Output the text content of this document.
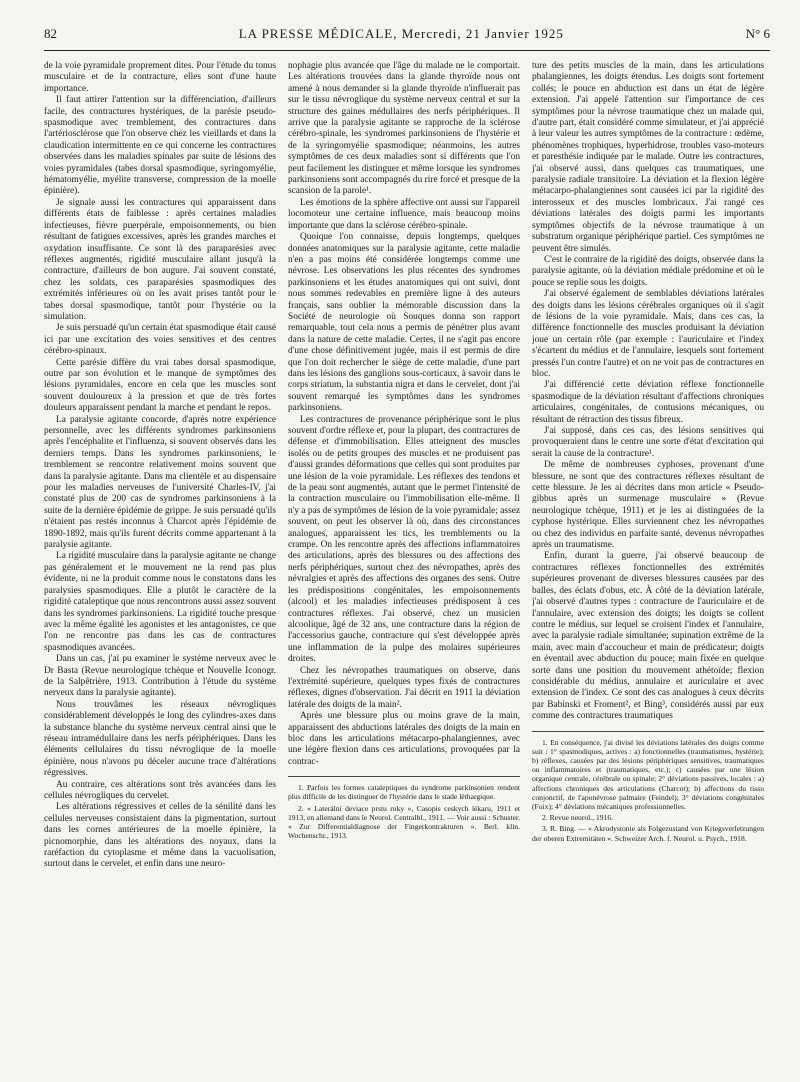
82	LA PRESSE MÉDICALE, Mercredi, 21 Janvier 1925	N° 6

de la voie pyramidale proprement dites. Pour l'étude du tonus musculaire et de la contracture, elles sont d'une haute importance.

Il faut attirer l'attention sur la différenciation, d'ailleurs facile, des contractures hystériques, de la parésie pseudo-spasmodique avec tremblement, des contractures dans l'artériosclérose que l'on observe chez les vieillards et dans la claudication intermittente en ce qui concerne les contractures observées dans les maladies spinales par suite de lésions des voies pyramidales (tabes dorsal spasmodique, syringomyélie, hématomyélie, myélite transverse, compression de la moelle épinière).

Je signale aussi les contractures qui apparaissent dans différents états de faiblesse : après certaines maladies infectieuses, fièvre puerpérale, empoisonnements, ou bien résultant de fatigues excessives, après les grandes marches et oxydation insuffisante. Ce sont là des paraparésies avec réflexes augmentés, rigidité musculaire allant jusqu'à la contracture, d'ailleurs de bon augure. J'ai souvent constaté, chez les soldats, ces paraparésies spasmodiques des extrémités inférieures où on les avait prises tantôt pour le tabes dorsal spasmodique, tantôt pour l'hystérie ou la simulation.

Je suis persuadé qu'un certain état spasmodique était causé ici par une excitation des voies sensitives et des centres cérébro-spinaux.

Cette parésie diffère du vrai tabes dorsal spasmodique, outre par son évolution et le manque de symptômes des lésions pyramidales, encore en cela que les muscles sont souvent douloureux à la pression et que de très fortes douleurs apparaissent pendant la marche et pendant le repos.

La paralysie agitante concorde, d'après notre expérience personnelle, avec les différents syndromes parkinsoniens après l'encéphalite et l'influenza, si souvent observés dans les derniers temps. Dans les syndromes parkinsoniens, le tremblement se rencontre relativement moins souvent que dans la paralysie agitante. Dans ma clientèle et au dispensaire pour les maladies nerveuses de l'université Charles-IV, j'ai constaté plus de 200 cas de syndromes parkinsoniens à la suite de la dernière épidémie de grippe. Je suis persuadé qu'ils n'étaient pas restés inconnus à Charcot après l'épidémie de 1890-1892, mais qu'ils furent décrits comme appartenant à la paralysie agitante.

La rigidité musculaire dans la paralysie agitante ne change pas généralement et le mouvement ne la rend pas plus évidente, ni ne la produit comme nous le constatons dans les paralysies spasmodiques. Elle a plutôt le caractère de la rigidité cataleptique que nous rencontrons aussi assez souvent dans les syndromes parkinsoniens. La rigidité touche presque avec la même égalité les agonistes et les antagonistes, ce que l'on ne rencontre pas dans les cas de contractures spasmodiques avancées.

Dans un cas, j'ai pu examiner le système nerveux avec le Dr Basta (Revue neurologique tchèque et Nouvelle Iconogr. de la Salpêtrière, 1913. Contribution à l'étude du système nerveux dans la paralysie agitante).

Nous trouvâmes les réseaux névrogliques considérablement développés le long des cylindres-axes dans la substance blanche du système nerveux central ainsi que le réseau intramédullaire dans les nerfs périphériques. Dans les éléments cellulaires du tissu névroglique de la moelle épinière, nous n'avons pu déceler aucune trace d'altérations régressives.

Au contraire, ces altérations sont très avancées dans les cellules névrogliques du cervelet.

Les altérations régressives et celles de la sénilité dans les cellules nerveuses consistaient dans la pigmentation, surtout dans les cornes antérieures de la moelle épinière, la picnomorphie, dans les altérations des noyaux, dans la raréfaction du cytoplasme et même dans la vacuolisation, surtout dans le cervelet, et enfin dans une neuro-

nophagie plus avancée que l'âge du malade ne le comportait. Les altérations trouvées dans la glande thyroïde nous ont amené à nous demander si la glande thyroïde n'influerait pas sur le tissu névroglique du système nerveux central et sur la structure des gaines médullaires des nerfs périphériques. Il arrive que la paralysie agitante se rapproche de la sclérose cérébro-spinale, les syndromes parkinsoniens de l'hystérie et de la syringomyélie spasmodique; néanmoins, les autres symptômes de ces deux maladies sont si différents que l'on peut facilement les distinguer et même lorsque les syndromes parkinsoniens sont accompagnés du rire forcé et presque de la scansion de la parole¹.

Les émotions de la sphère affective ont aussi sur l'appareil locomoteur une certaine influence, mais beaucoup moins importante que dans la sclérose cérébro-spinale.

Quoique l'on connaisse, depuis longtemps, quelques données anatomiques sur la paralysie agitante, cette maladie n'en a pas moins été considérée longtemps comme une névrose. Les observations les plus récentes des syndromes parkinsoniens et les études anatomiques qui ont suivi, dont nous sommes redevables en première ligne à des auteurs français, sans oublier la mémorable discussion dans la Société de neurologie où Souques donna son rapport remarquable, tout cela nous a permis de pénétrer plus avant dans la nature de cette maladie. Certes, il ne s'agit pas encore d'une chose définitivement jugée, mais il est permis de dire que l'on doit rechercher le siège de cette maladie, d'une part dans les lésions des ganglions sous-corticaux, à savoir dans le corps striatum, la substantia nigra et dans le cervelet, dont j'ai souvent remarqué les symptômes dans les syndromes parkinsoniens.

Les contractures de provenance périphérique sont le plus souvent d'ordre réflexe et, pour la plupart, des contractures de défense et d'immobilisation. Elles atteignent des muscles isolés ou de petits groupes des muscles et ne produisent pas d'aussi grandes déformations que celles qui sont produites par une lésion de la voie pyramidale. Les réflexes des tendons et de la peau sont augmentés, autant que le permet l'intensité de la contraction musculaire ou l'immobilisation elle-même. Il n'y a pas de symptômes de lésion de la voie pyramidale; assez souvent, on peut les observer là où, dans des circonstances analogues, apparaissent les tics, les tremblements ou la crampe. On les rencontre après des affections inflammatoires des articulations, après des blessures ou des affections des nerfs périphériques, surtout chez des névropathes, après des névralgies et après des affections des organes des sens. Outre les prédispositions congénitales, les empoisonnements (alcool) et les maladies infectieuses prédisposent à ces contractures réflexes. J'ai observé, chez un musicien alcoolique, âgé de 32 ans, une contracture dans la région de l'accessorius gauche, contracture qui s'est développée après une inflammation de la pulpe des molaires supérieures droites.

Chez les névropathes traumatiques on observe, dans l'extrémité supérieure, quelques types fixés de contractures réflexes, dignes d'observation. J'ai décrit en 1911 la déviation latérale des doigts de la main².

Après une blessure plus ou moins grave de la main, apparaissent des abductions latérales des doigts de la main en bloc dans les articulations métacarpo-phalangiennes, avec une légère flexion dans ces articulations, provoquées par la contrac-

1. Parfois les formes cataleptiques du syndrome parkinsonien rendent plus difficile de les distinguer de l'hystérie dans le stade léthargique.

2. « Laterální deviace prstu ruky », Casopis ceskych lékaru, 1911 et 1913, en allemand dans le Neurol. Centralbl., 1911. — Voir aussi : Schuster. « Zur Differentialdiagnose der Fingerkontrakturen ». Berl. klin. Wochenschr., 1913.

ture des petits muscles de la main, dans les articulations phalangiennes, les doigts étendus. Les doigts sont fortement collés; le pouce en abduction est dans un état de légère extension. J'ai appelé l'attention sur l'importance de ces symptômes pour la névrose traumatique chez un malade qui, d'autre part, était considéré comme simulateur, et j'ai apprécié à leur valeur les autres symptômes de la contracture : œdème, phénomènes trophiques, hyperhidrose, troubles vaso-moteurs et paresthésie indiquée par le malade. Outre les contractures, j'ai observé aussi, dans quelques cas traumatiques, une paralysie radiale transitoire. La déviation et la flexion légère métacarpo-phalangiennes sont causées ici par la rigidité des interosseux et des muscles lombricaux. J'ai rangé ces déviations latérales des doigts parmi les importants symptômes objectifs de la névrose traumatique à un substratum organique périphérique partiel. Ces symptômes ne peuvent être simulés.

C'est le contraire de la rigidité des doigts, observée dans la paralysie agitante, où la déviation médiale prédomine et où le pouce se replie sous les doigts.

J'ai observé également de semblables déviations latérales des doigts dans les lésions cérébrales organiques où il s'agit de lésions de la voie pyramidale. Mais, dans ces cas, la différence fonctionnelle des muscles produisant la déviation joue un certain rôle (par exemple : l'auriculaire et l'index s'écartent du médius et de l'annulaire, lesquels sont fortement pressés l'un contre l'autre) et on ne voit pas de contractures en bloc.

J'ai différencié cette déviation réflexe fonctionnelle spasmodique de la déviation résultant d'affections chroniques articulaires, congénitales, de contusions mécaniques, ou résultant de rétraction des tissus fibreux.

J'ai supposé, dans ces cas, des lésions sensitives qui provoqueraient dans le centre une sorte d'état d'excitation qui serait la cause de la contracture¹.

De même de nombreuses cyphoses, provenant d'une blessure, ne sont que des contractures réflexes résultant de cette blessure. Je les ai décrites dans mon article « Pseudo-gibbus après un surmenage musculaire » (Revue neurologique tchèque, 1911) et je les ai distinguées de la cyphose hystérique. Elles surviennent chez les névropathes ou chez des individus en parfaite santé, devenus névropathes après un traumatisme.

Enfin, durant la guerre, j'ai observé beaucoup de contractures réflexes fonctionnelles des extrémités supérieures provenant de diverses blessures causées par des balles, des éclats d'obus, etc. À côté de la déviation latérale, j'ai observé d'autres types : contracture de l'auriculaire et de l'annulaire, avec extension des doigts; les doigts se collent contre le médius, sur lequel se croisent l'index et l'annulaire, avec la paralysie radiale simultanée; supination extrême de la main, avec main d'accoucheur et main de prédicateur; doigts en éventail avec abduction du pouce; main fixée en quelque sorte dans une position du mouvement athétoïde; flexion considérable du médius, annulaire et auriculaire et avec extension de l'index. Ce sont des cas analogues à ceux décrits par Babinski et Froment², et Bing³, considérés aussi par eux comme des contractures traumatiques

1. En conséquence, j'ai divisé les déviations latérales des doigts comme suit : 1° spasmodiques, actives : a) fonctionnelles (traumatismes, hystérie); b) réflexes, causées par des lésions périphériques sensitives, traumatiques ou inflammatoires et (traumatiques, etc.); c) causées par une lésion organique centrale, cérébrale ou spinale; 2° déviations passives, locales : a) affections chroniques des articulations (Charcot); b) affections du tissu conjonctif, de l'aponévrose palmaire (Feindel); 3° déviations congénitales (Foix); 4° déviations mécaniques professionnelles.

2. Revue neurol., 1916.

3. R. Bing. — « Akrodystonie als Folgezustand von Kriegsverletzungen der oberen Extremitäten ». Schweizer Arch. f. Neurol. u. Psych., 1918.
